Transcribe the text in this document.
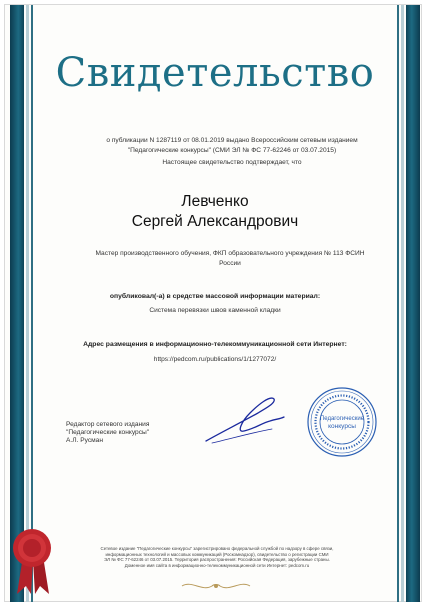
Свидетельство
о публикации N 1287119 от 08.01.2019 выдано Всероссийским сетевым изданием
"Педагогические конкурсы" (СМИ ЭЛ № ФС 77-62246 от 03.07.2015)
Настоящее свидетельство подтверждает, что
Левченко
Сергей Александрович
Мастер производственного обучения, ФКП образовательного учреждения № 113 ФСИН
России
опубликовал(-а) в средстве массовой информации материал:
Система перевязки швов каменной кладки
Адрес размещения в информационно-телекоммуникационной сети Интернет:
https://pedcom.ru/publications/1/1277072/
Редактор сетевого издания
"Педагогические конкурсы"
А.Л. Русман
Педагогические
конкурсы
Сетевое издание "Педагогические конкурсы" зарегистрировано федеральной службой по надзору в сфере связи,
информационных технологий и массовых коммуникаций (Роскомнадзор), свидетельство о регистрации СМИ
ЭЛ № ФС 77-62246 от 03.07.2015. Территория распространения: Российская Федерация, зарубежные страны.
Доменное имя сайта в информационно-телекоммуникационной сети Интернет: pedcom.ru
